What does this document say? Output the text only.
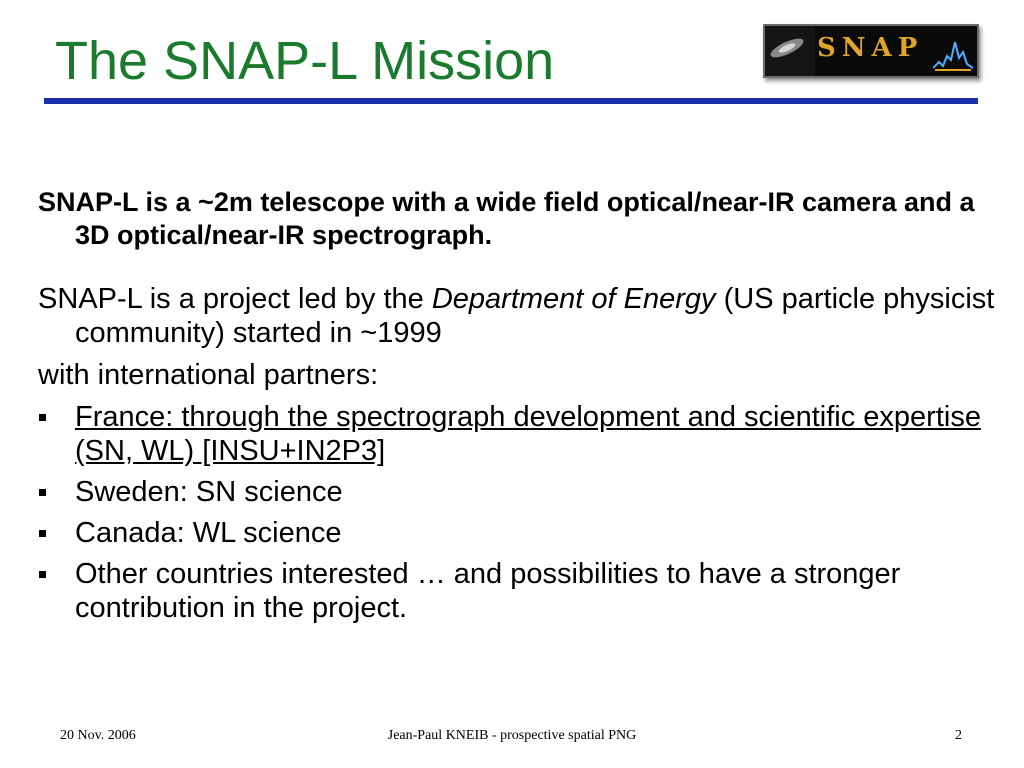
The SNAP-L Mission	SNAP
SNAP-L is a ~2m telescope with a wide field optical/near-IR camera and a 3D optical/near-IR spectrograph.
SNAP-L is a project led by the Department of Energy (US particle physicist community) started in ~1999
with international partners:
France: through the spectrograph development and scientific expertise (SN, WL) [INSU+IN2P3]
Sweden: SN science
Canada: WL science
Other countries interested … and possibilities to have a stronger contribution in the project.
20 Nov. 2006	Jean-Paul KNEIB - prospective spatial PNG	2
